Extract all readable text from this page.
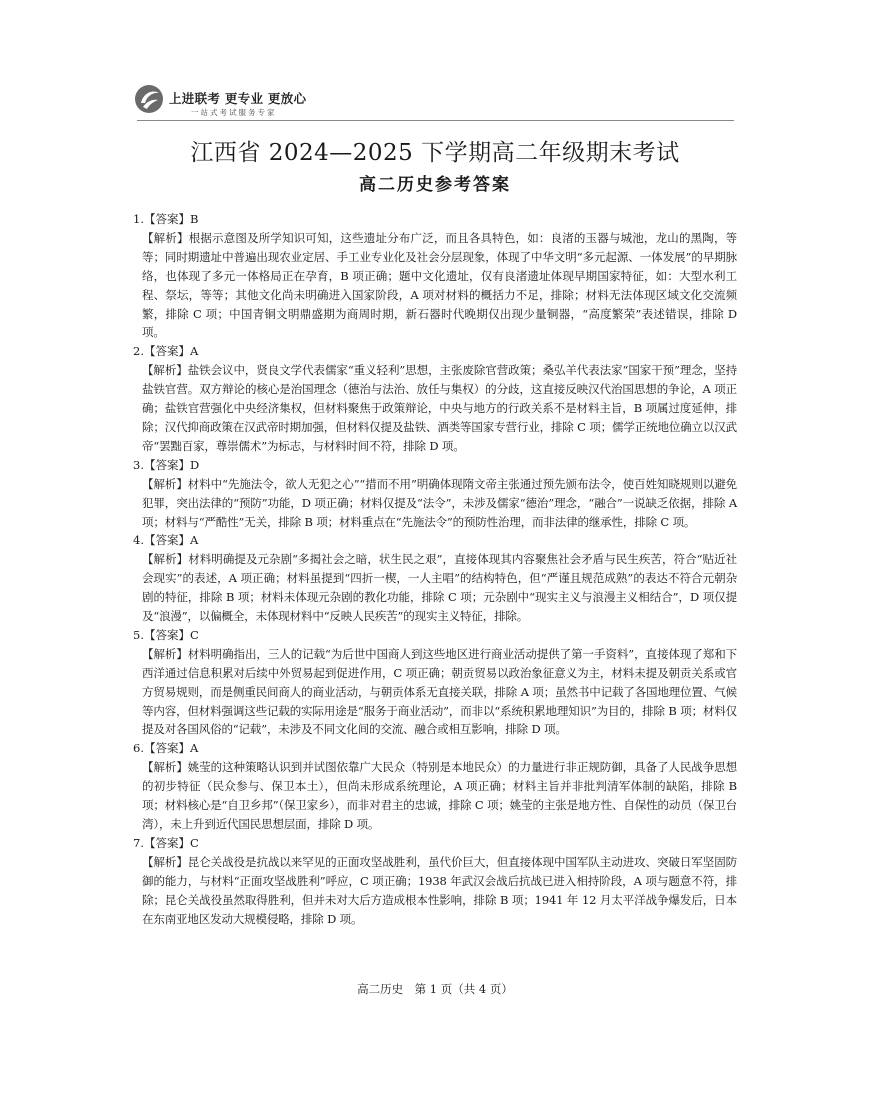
上进联考 更专业 更放心
一站式考试服务专家
江西省 2024—2025 下学期高二年级期末考试
高二历史参考答案
1.【答案】B
【解析】根据示意图及所学知识可知，这些遗址分布广泛，而且各具特色，如：良渚的玉器与城池，龙山的黑陶，等等；同时期遗址中普遍出现农业定居、手工业专业化及社会分层现象，体现了中华文明“多元起源、一体发展”的早期脉络，也体现了多元一体格局正在孕育，B 项正确；题中文化遗址，仅有良渚遗址体现早期国家特征，如：大型水利工程、祭坛，等等；其他文化尚未明确进入国家阶段，A 项对材料的概括力不足，排除；材料无法体现区域文化交流频繁，排除 C 项；中国青铜文明鼎盛期为商周时期，新石器时代晚期仅出现少量铜器，“高度繁荣”表述错误，排除 D 项。
2.【答案】A
【解析】盐铁会议中，贤良文学代表儒家“重义轻利”思想，主张废除官营政策；桑弘羊代表法家“国家干预”理念，坚持盐铁官营。双方辩论的核心是治国理念（德治与法治、放任与集权）的分歧，这直接反映汉代治国思想的争论，A 项正确；盐铁官营强化中央经济集权，但材料聚焦于政策辩论，中央与地方的行政关系不是材料主旨，B 项属过度延伸，排除；汉代抑商政策在汉武帝时期加强，但材料仅提及盐铁、酒类等国家专营行业，排除 C 项；儒学正统地位确立以汉武帝“罢黜百家，尊崇儒术”为标志，与材料时间不符，排除 D 项。
3.【答案】D
【解析】材料中“先施法令，欲人无犯之心”“措而不用”明确体现隋文帝主张通过预先颁布法令，使百姓知晓规则以避免犯罪，突出法律的“预防”功能，D 项正确；材料仅提及“法令”，未涉及儒家“德治”理念，“融合”一说缺乏依据，排除 A 项；材料与“严酷性”无关，排除 B 项；材料重点在“先施法令”的预防性治理，而非法律的继承性，排除 C 项。
4.【答案】A
【解析】材料明确提及元杂剧“多揭社会之暗，状生民之艰”，直接体现其内容聚焦社会矛盾与民生疾苦，符合“贴近社会现实”的表述，A 项正确；材料虽提到“四折一楔，一人主唱”的结构特色，但“严谨且规范成熟”的表达不符合元朝杂剧的特征，排除 B 项；材料未体现元杂剧的教化功能，排除 C 项；元杂剧中“现实主义与浪漫主义相结合”，D 项仅提及“浪漫”，以偏概全，未体现材料中“反映人民疾苦”的现实主义特征，排除。
5.【答案】C
【解析】材料明确指出，三人的记载“为后世中国商人到这些地区进行商业活动提供了第一手资料”，直接体现了郑和下西洋通过信息积累对后续中外贸易起到促进作用，C 项正确；朝贡贸易以政治象征意义为主，材料未提及朝贡关系或官方贸易规则，而是侧重民间商人的商业活动，与朝贡体系无直接关联，排除 A 项；虽然书中记载了各国地理位置、气候等内容，但材料强调这些记载的实际用途是“服务于商业活动”，而非以“系统积累地理知识”为目的，排除 B 项；材料仅提及对各国风俗的“记载”，未涉及不同文化间的交流、融合或相互影响，排除 D 项。
6.【答案】A
【解析】姚莹的这种策略认识到并试图依靠广大民众（特别是本地民众）的力量进行非正规防御，具备了人民战争思想的初步特征（民众参与、保卫本土），但尚未形成系统理论，A 项正确；材料主旨并非批判清军体制的缺陷，排除 B 项；材料核心是“自卫乡邦”（保卫家乡），而非对君主的忠诚，排除 C 项；姚莹的主张是地方性、自保性的动员（保卫台湾），未上升到近代国民思想层面，排除 D 项。
7.【答案】C
【解析】昆仑关战役是抗战以来罕见的正面攻坚战胜利，虽代价巨大，但直接体现中国军队主动进攻、突破日军坚固防御的能力，与材料“正面攻坚战胜利”呼应，C 项正确；1938 年武汉会战后抗战已进入相持阶段，A 项与题意不符，排除；昆仑关战役虽然取得胜利，但并未对大后方造成根本性影响，排除 B 项；1941 年 12 月太平洋战争爆发后，日本在东南亚地区发动大规模侵略，排除 D 项。
高二历史　第 1 页（共 4 页）
